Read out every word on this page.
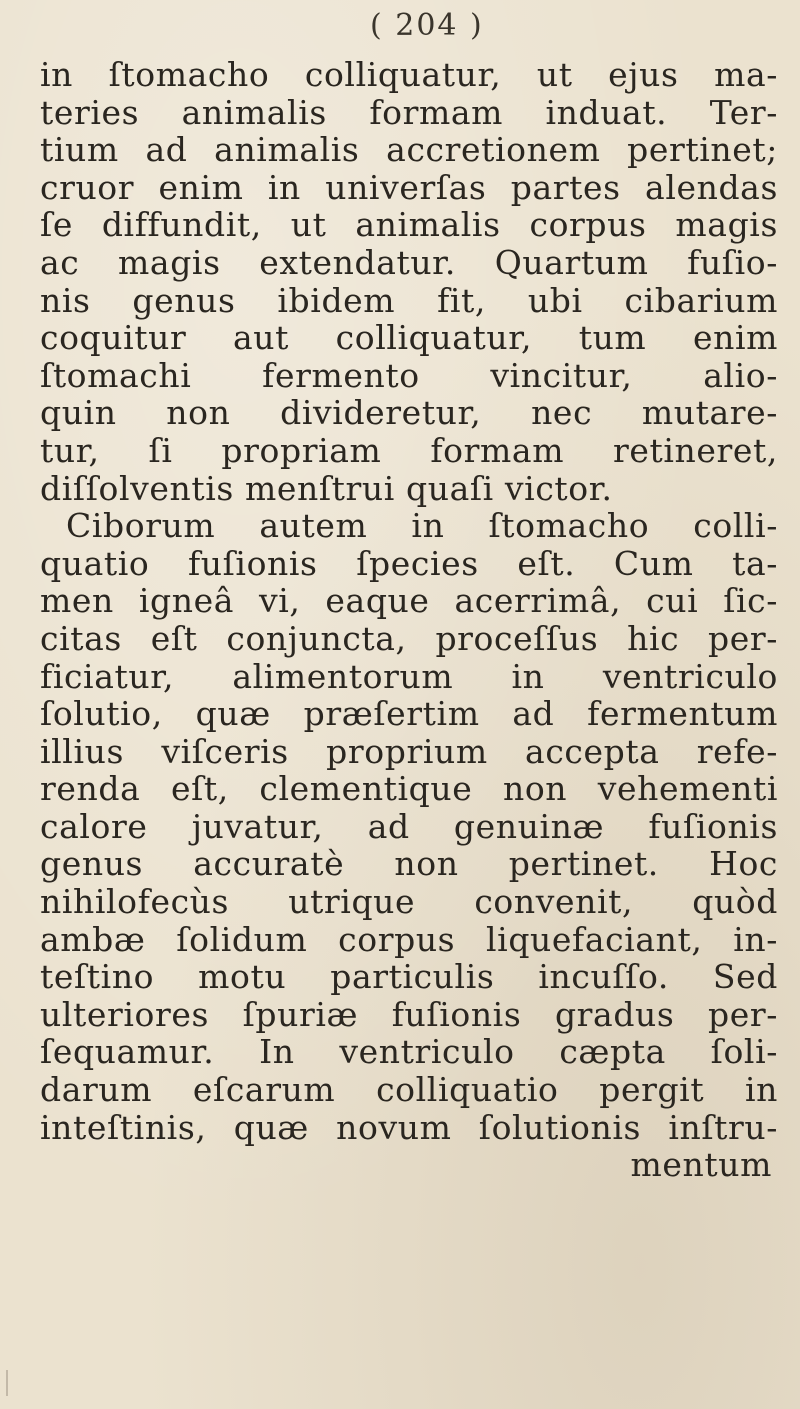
( 204 )
in ſtomacho colliquatur, ut ejus ma-
teries animalis formam induat. Ter-
tium ad animalis accretionem pertinet;
cruor enim in univerſas partes alendas
ſe diffundit, ut animalis corpus magis
ac magis extendatur. Quartum fuſio-
nis genus ibidem fit, ubi cibarium
coquitur aut colliquatur, tum enim
ſtomachi fermento vincitur, alio-
quin non divideretur, nec mutare-
tur, ſi propriam formam retineret,
diſſolventis menſtrui quaſi victor.
Ciborum autem in ſtomacho colli-
quatio fuſionis ſpecies eſt. Cum ta-
men igneâ vi, eaque acerrimâ, cui ſic-
citas eſt conjuncta, proceſſus hic per-
ficiatur, alimentorum in ventriculo
ſolutio, quæ præſertim ad fermentum
illius viſceris proprium accepta refe-
renda eſt, clementique non vehementi
calore juvatur, ad genuinæ fuſionis
genus accuratè non pertinet. Hoc
nihilofecùs utrique convenit, quòd
ambæ ſolidum corpus liquefaciant, in-
teſtino motu particulis incuſſo. Sed
ulteriores ſpuriæ fuſionis gradus per-
ſequamur. In ventriculo cæpta ſoli-
darum eſcarum colliquatio pergit in
inteſtinis, quæ novum ſolutionis inſtru-
mentum
